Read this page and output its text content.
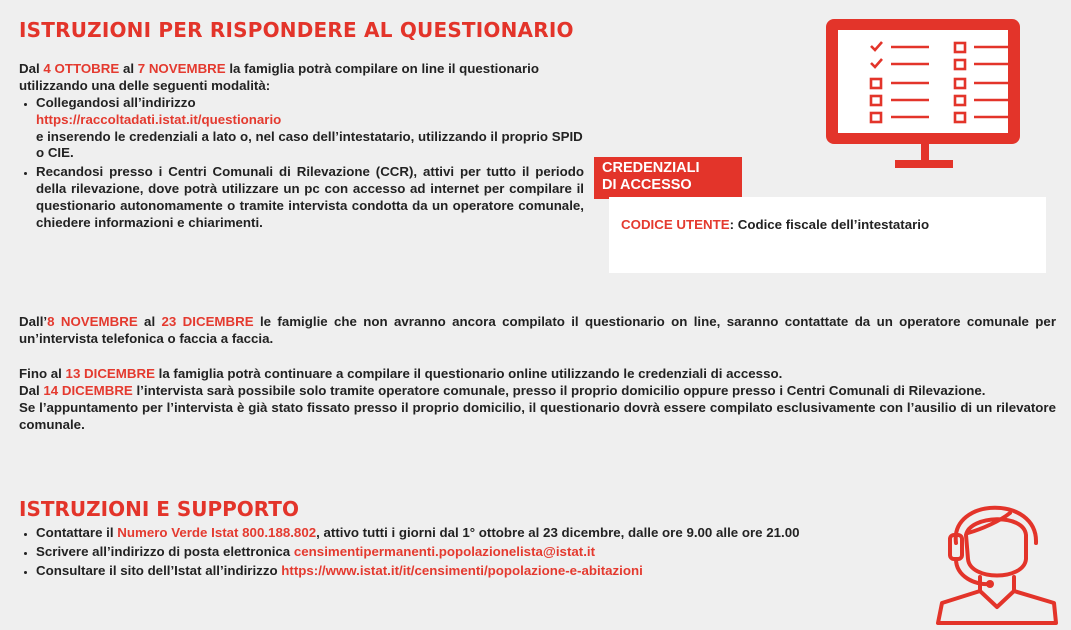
ISTRUZIONI PER RISPONDERE AL QUESTIONARIO
Dal 4 OTTOBRE al 7 NOVEMBRE la famiglia potrà compilare on line il questionario utilizzando una delle seguenti modalità:
• Collegandosi all’indirizzo
https://raccoltadati.istat.it/questionario
e inserendo le credenziali a lato o, nel caso dell’intestatario, utilizzando il proprio SPID o CIE.
• Recandosi presso i Centri Comunali di Rilevazione (CCR), attivi per tutto il periodo della rilevazione, dove potrà utilizzare un pc con accesso ad internet per compilare il questionario autonomamente o tramite intervista condotta da un operatore comunale, chiedere informazioni e chiarimenti.
CREDENZIALI
DI ACCESSO
CODICE UTENTE: Codice fiscale dell’intestatario
Dall’8 NOVEMBRE al 23 DICEMBRE le famiglie che non avranno ancora compilato il questionario on line, saranno contattate da un operatore comunale per un’intervista telefonica o faccia a faccia.
Fino al 13 DICEMBRE la famiglia potrà continuare a compilare il questionario online utilizzando le credenziali di accesso.
Dal 14 DICEMBRE l’intervista sarà possibile solo tramite operatore comunale, presso il proprio domicilio oppure presso i Centri Comunali di Rilevazione.
Se l’appuntamento per l’intervista è già stato fissato presso il proprio domicilio, il questionario dovrà essere compilato esclusivamente con l’ausilio di un rilevatore comunale.
ISTRUZIONI E SUPPORTO
• Contattare il Numero Verde Istat 800.188.802, attivo tutti i giorni dal 1° ottobre al 23 dicembre, dalle ore 9.00 alle ore 21.00
• Scrivere all’indirizzo di posta elettronica censimentipermanenti.popolazionelista@istat.it
• Consultare il sito dell’Istat all’indirizzo https://www.istat.it/it/censimenti/popolazione-e-abitazioni
